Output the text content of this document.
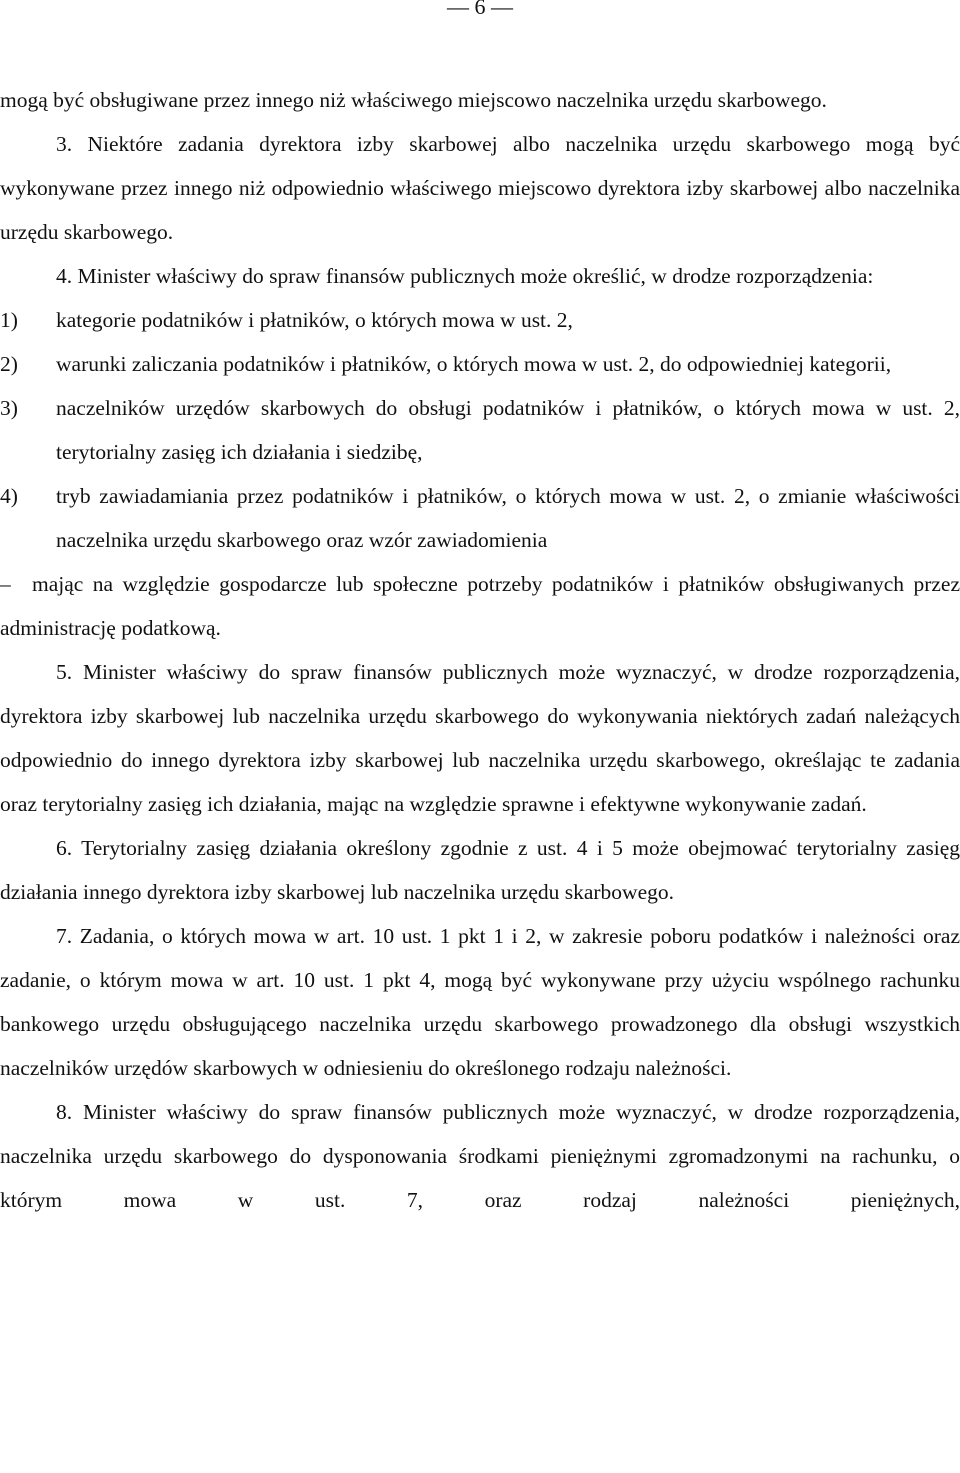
— 6 —

mogą być obsługiwane przez innego niż właściwego miejscowo naczelnika urzędu skarbowego.

3. Niektóre zadania dyrektora izby skarbowej albo naczelnika urzędu skarbowego mogą być wykonywane przez innego niż odpowiednio właściwego miejscowo dyrektora izby skarbowej albo naczelnika urzędu skarbowego.

4. Minister właściwy do spraw finansów publicznych może określić, w drodze rozporządzenia:

1) kategorie podatników i płatników, o których mowa w ust. 2,

2) warunki zaliczania podatników i płatników, o których mowa w ust. 2, do odpowiedniej kategorii,

3) naczelników urzędów skarbowych do obsługi podatników i płatników, o których mowa w ust. 2, terytorialny zasięg ich działania i siedzibę,

4) tryb zawiadamiania przez podatników i płatników, o których mowa w ust. 2, o zmianie właściwości naczelnika urzędu skarbowego oraz wzór zawiadomienia

– mając na względzie gospodarcze lub społeczne potrzeby podatników i płatników obsługiwanych przez administrację podatkową.

5. Minister właściwy do spraw finansów publicznych może wyznaczyć, w drodze rozporządzenia, dyrektora izby skarbowej lub naczelnika urzędu skarbowego do wykonywania niektórych zadań należących odpowiednio do innego dyrektora izby skarbowej lub naczelnika urzędu skarbowego, określając te zadania oraz terytorialny zasięg ich działania, mając na względzie sprawne i efektywne wykonywanie zadań.

6. Terytorialny zasięg działania określony zgodnie z ust. 4 i 5 może obejmować terytorialny zasięg działania innego dyrektora izby skarbowej lub naczelnika urzędu skarbowego.

7. Zadania, o których mowa w art. 10 ust. 1 pkt 1 i 2, w zakresie poboru podatków i należności oraz zadanie, o którym mowa w art. 10 ust. 1 pkt 4, mogą być wykonywane przy użyciu wspólnego rachunku bankowego urzędu obsługującego naczelnika urzędu skarbowego prowadzonego dla obsługi wszystkich naczelników urzędów skarbowych w odniesieniu do określonego rodzaju należności.

8. Minister właściwy do spraw finansów publicznych może wyznaczyć, w drodze rozporządzenia, naczelnika urzędu skarbowego do dysponowania środkami pieniężnymi zgromadzonymi na rachunku, o którym mowa w ust. 7, oraz rodzaj należności pieniężnych,
